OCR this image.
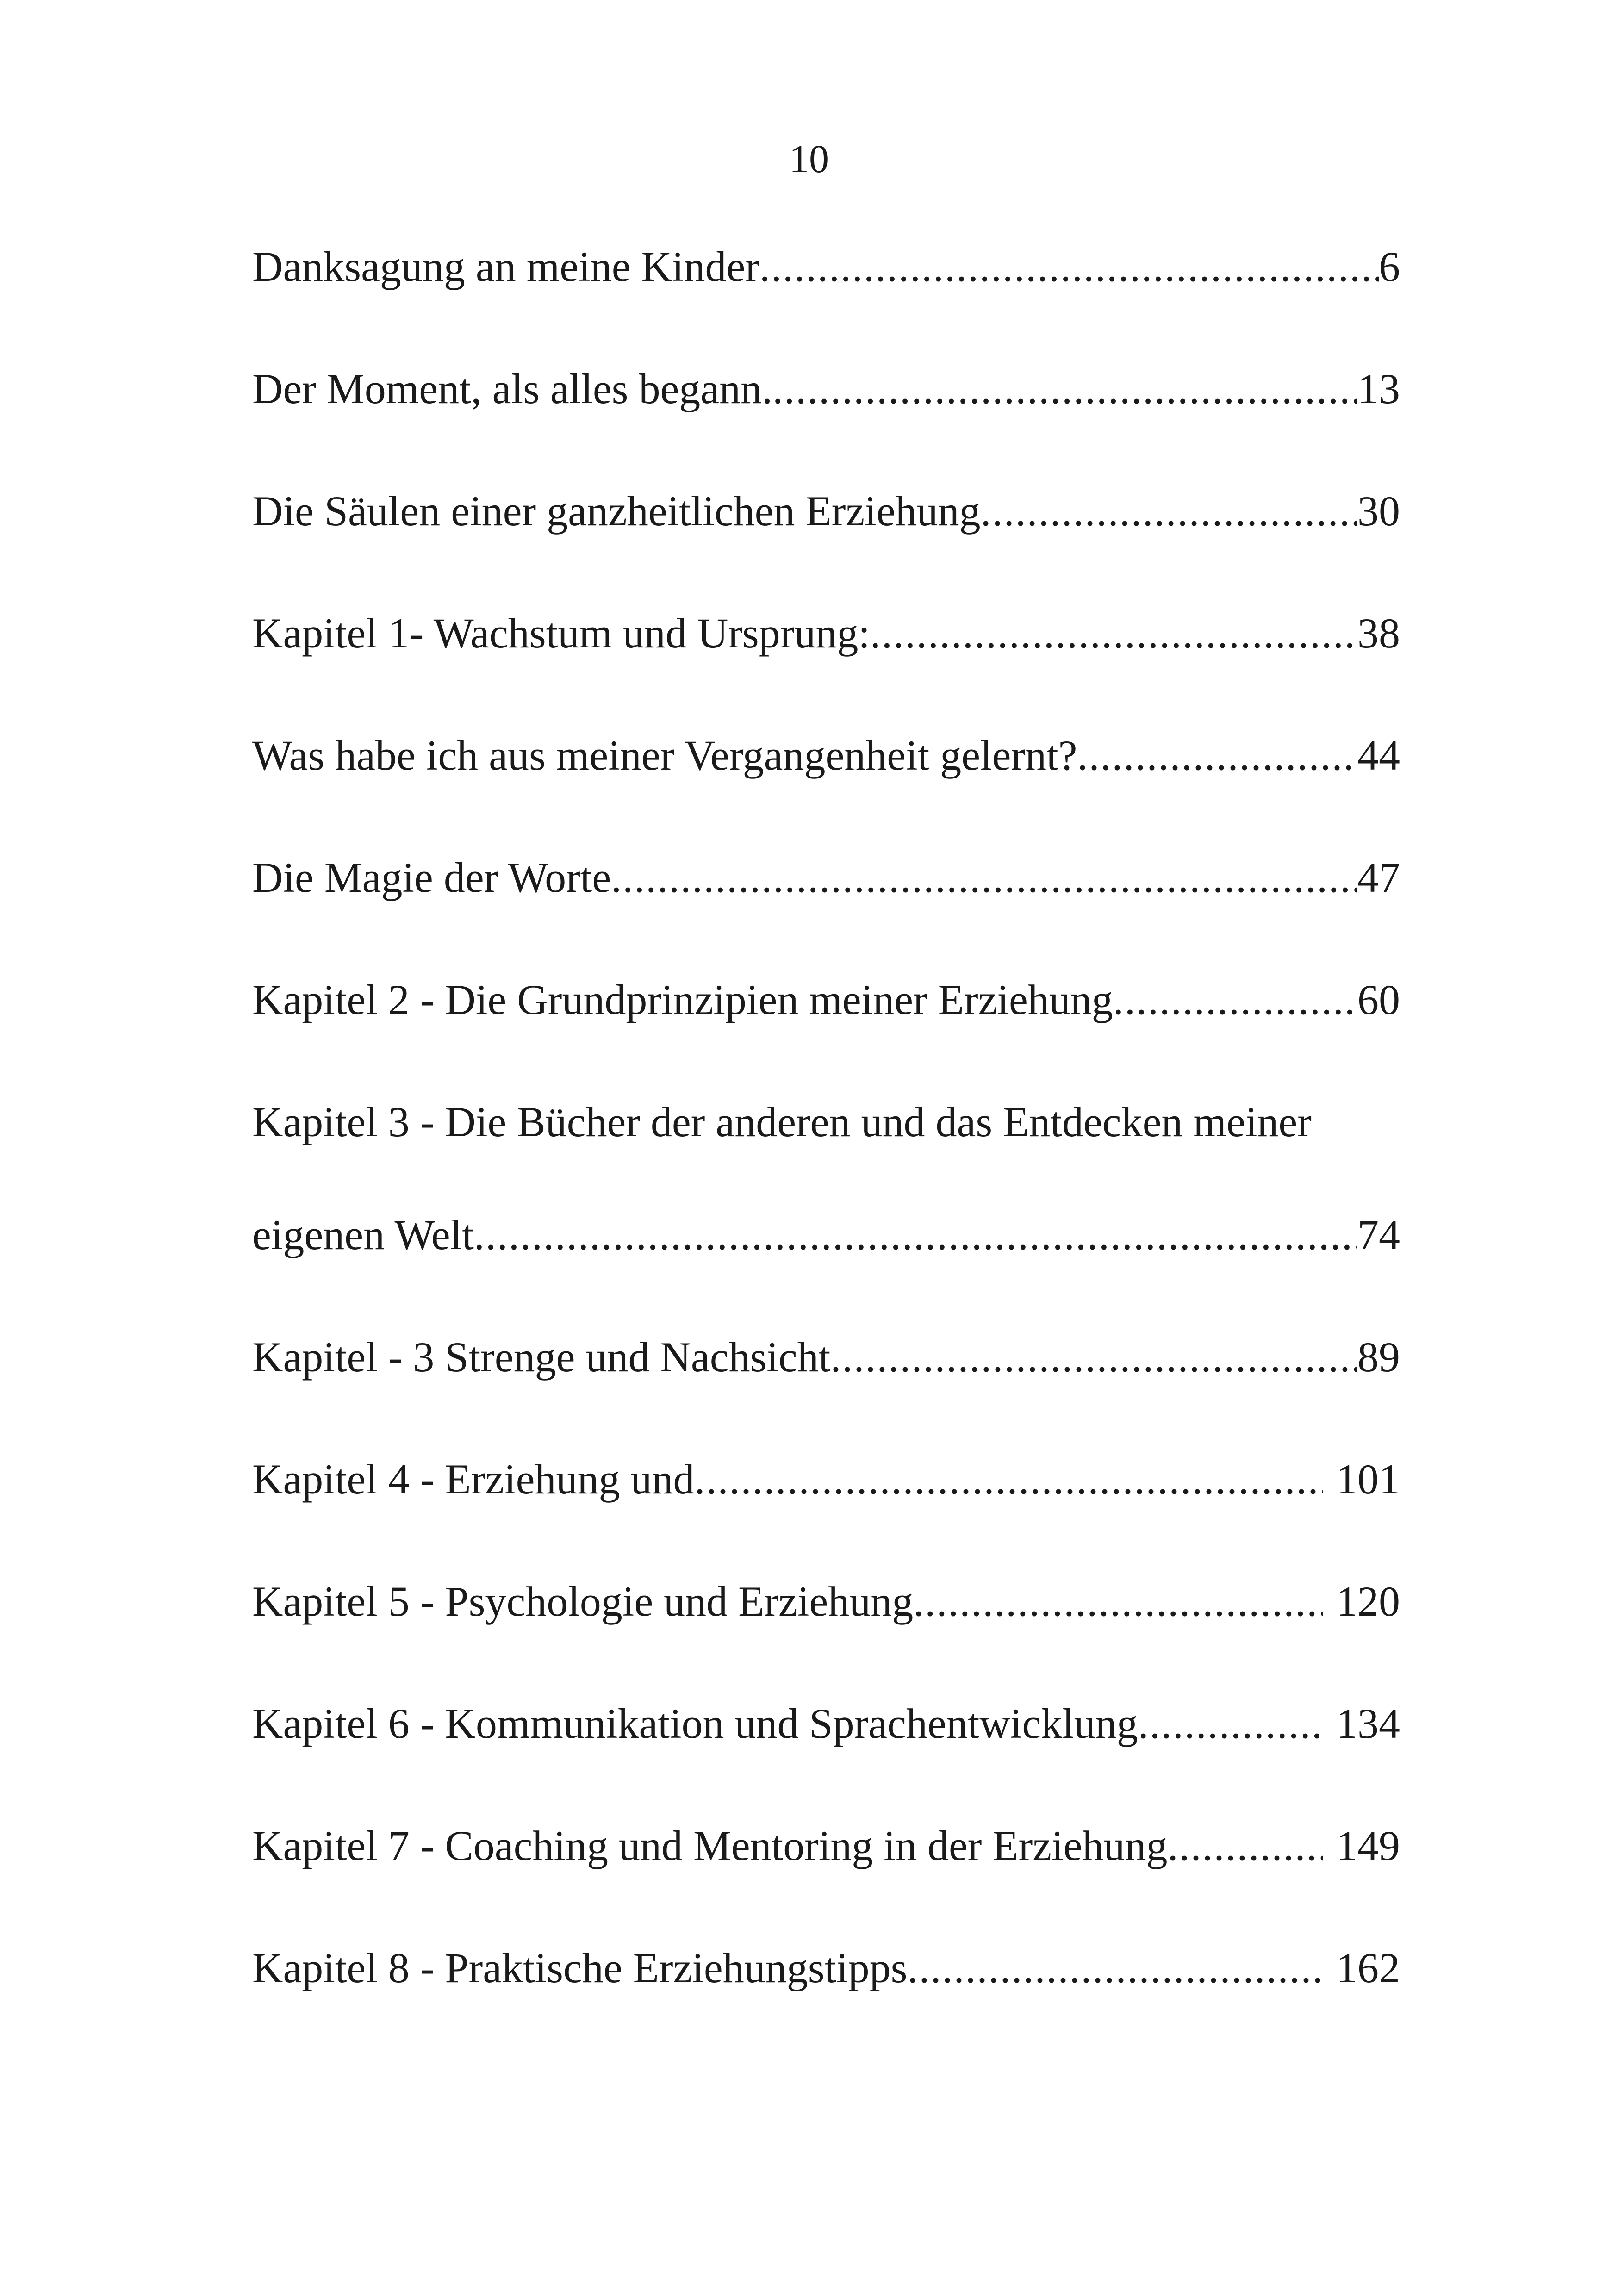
10
Danksagung an meine Kinder .....	6
Der Moment, als alles begann. .....	13
Die Säulen einer ganzheitlichen Erziehung .....	30
Kapitel 1- Wachstum und Ursprung: .....	38
Was habe ich aus meiner Vergangenheit gelernt? .....	44
Die Magie der Worte .....	47
Kapitel 2 - Die Grundprinzipien meiner Erziehung .....	60
Kapitel 3 - Die Bücher der anderen und das Entdecken meiner
eigenen Welt .....	74
Kapitel - 3 Strenge und Nachsicht .....	89
Kapitel 4 - Erziehung und .....	101
Kapitel 5 - Psychologie und Erziehung .....	120
Kapitel 6 - Kommunikation und Sprachentwicklung .....	134
Kapitel 7 - Coaching und Mentoring in der Erziehung .....	149
Kapitel 8 - Praktische Erziehungstipps .....	162
